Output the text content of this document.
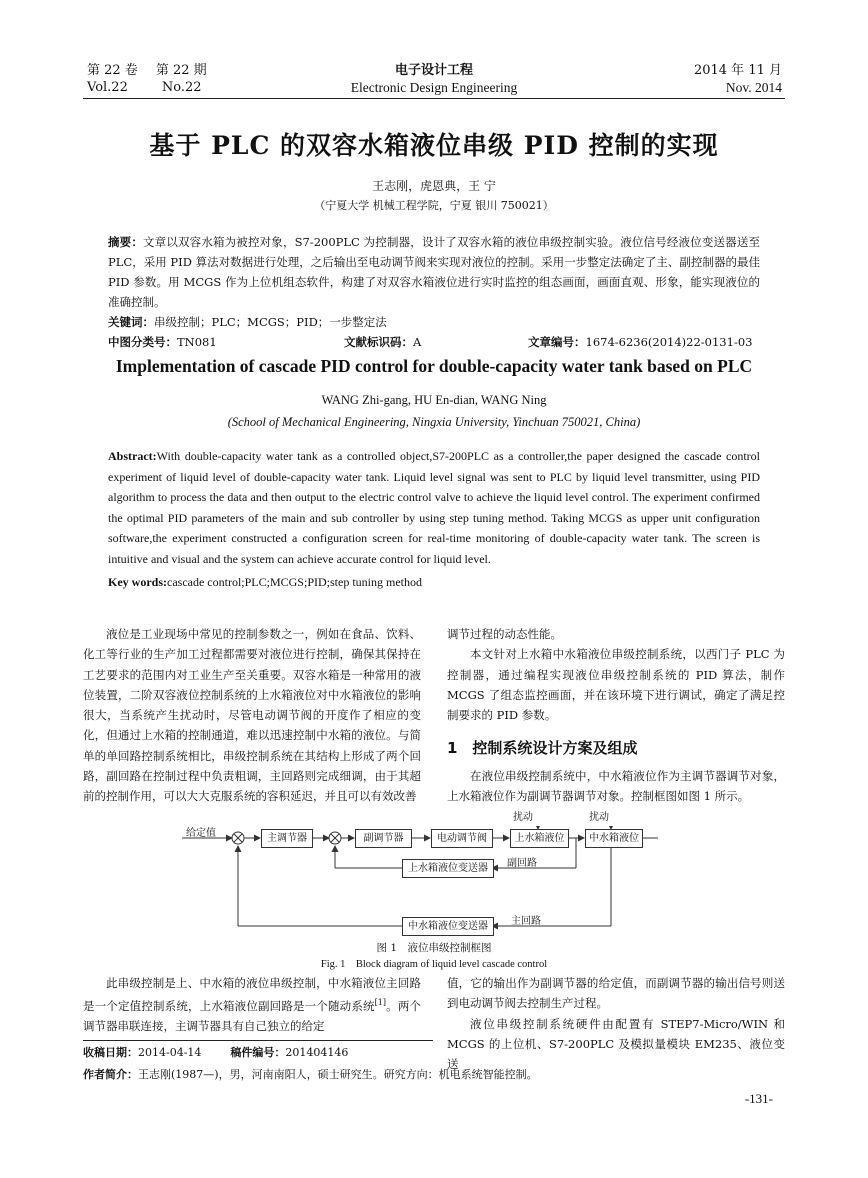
第 22 卷 第 22 期
Vol.22	No.22
电子设计工程
Electronic Design Engineering
2014 年 11 月
Nov. 2014
基于 PLC 的双容水箱液位串级 PID 控制的实现
王志刚，虎恩典，王 宁
（宁夏大学 机械工程学院，宁夏 银川 750021）
摘要：文章以双容水箱为被控对象，S7-200PLC 为控制器，设计了双容水箱的液位串级控制实验。液位信号经液位变送器送至 PLC，采用 PID 算法对数据进行处理，之后输出至电动调节阀来实现对液位的控制。采用一步整定法确定了主、副控制器的最佳 PID 参数。用 MCGS 作为上位机组态软件，构建了对双容水箱液位进行实时监控的组态画面，画面直观、形象，能实现液位的准确控制。
关键词：串级控制；PLC；MCGS；PID；一步整定法
中图分类号：TN081	文献标识码：A	文章编号：1674-6236(2014)22-0131-03
Implementation of cascade PID control for double-capacity water tank based on PLC
WANG Zhi-gang, HU En-dian, WANG Ning
(School of Mechanical Engineering, Ningxia University, Yinchuan 750021, China)
Abstract:With double-capacity water tank as a controlled object,S7-200PLC as a controller,the paper designed the cascade control experiment of liquid level of double-capacity water tank. Liquid level signal was sent to PLC by liquid level transmitter, using PID algorithm to process the data and then output to the electric control valve to achieve the liquid level control. The experiment confirmed the optimal PID parameters of the main and sub controller by using step tuning method. Taking MCGS as upper unit configuration software,the experiment constructed a configuration screen for real-time monitoring of double-capacity water tank. The screen is intuitive and visual and the system can achieve accurate control for liquid level.
Key words:cascade control;PLC;MCGS;PID;step tuning method

液位是工业现场中常见的控制参数之一，例如在食品、饮料、化工等行业的生产加工过程都需要对液位进行控制，确保其保持在工艺要求的范围内对工业生产至关重要。双容水箱是一种常用的液位装置，二阶双容液位控制系统的上水箱液位对中水箱液位的影响很大，当系统产生扰动时，尽管电动调节阀的开度作了相应的变化，但通过上水箱的控制通道，难以迅速控制中水箱的液位。与简单的单回路控制系统相比，串级控制系统在其结构上形成了两个回路，副回路在控制过程中负责粗调，主回路则完成细调，由于其超前的控制作用，可以大大克服系统的容积延迟，并且可以有效改善

调节过程的动态性能。

本文针对上水箱中水箱液位串级控制系统，以西门子 PLC 为控制器，通过编程实现液位串级控制系统的 PID 算法，制作 MCGS 了组态监控画面，并在该环境下进行调试，确定了满足控制要求的 PID 参数。

1　控制系统设计方案及组成

在液位串级控制系统中，中水箱液位作为主调节器调节对象，上水箱液位作为副调节器调节对象。控制框图如图 1 所示。

给定值	主调节器	副调节器	电动调节阀	上水箱液位	中水箱液位
上水箱液位变送器
中水箱液位变送器
扰动	扰动
副回路
主回路
图 1　液位串级控制框图
Fig. 1　Block diagram of liquid level cascade control

此串级控制是上、中水箱的液位串级控制，中水箱液位主回路是一个定值控制系统，上水箱液位副回路是一个随动系统[1]。两个调节器串联连接，主调节器具有自己独立的给定

值，它的输出作为副调节器的给定值，而副调节器的输出信号则送到电动调节阀去控制生产过程。

液位串级控制系统硬件由配置有 STEP7-Micro/WIN 和 MCGS 的上位机、S7-200PLC 及模拟量模块 EM235、液位变送

收稿日期：2014-04-14	稿件编号：201404146
作者简介：王志刚(1987—)，男，河南南阳人，硕士研究生。研究方向：机电系统智能控制。
-131-
